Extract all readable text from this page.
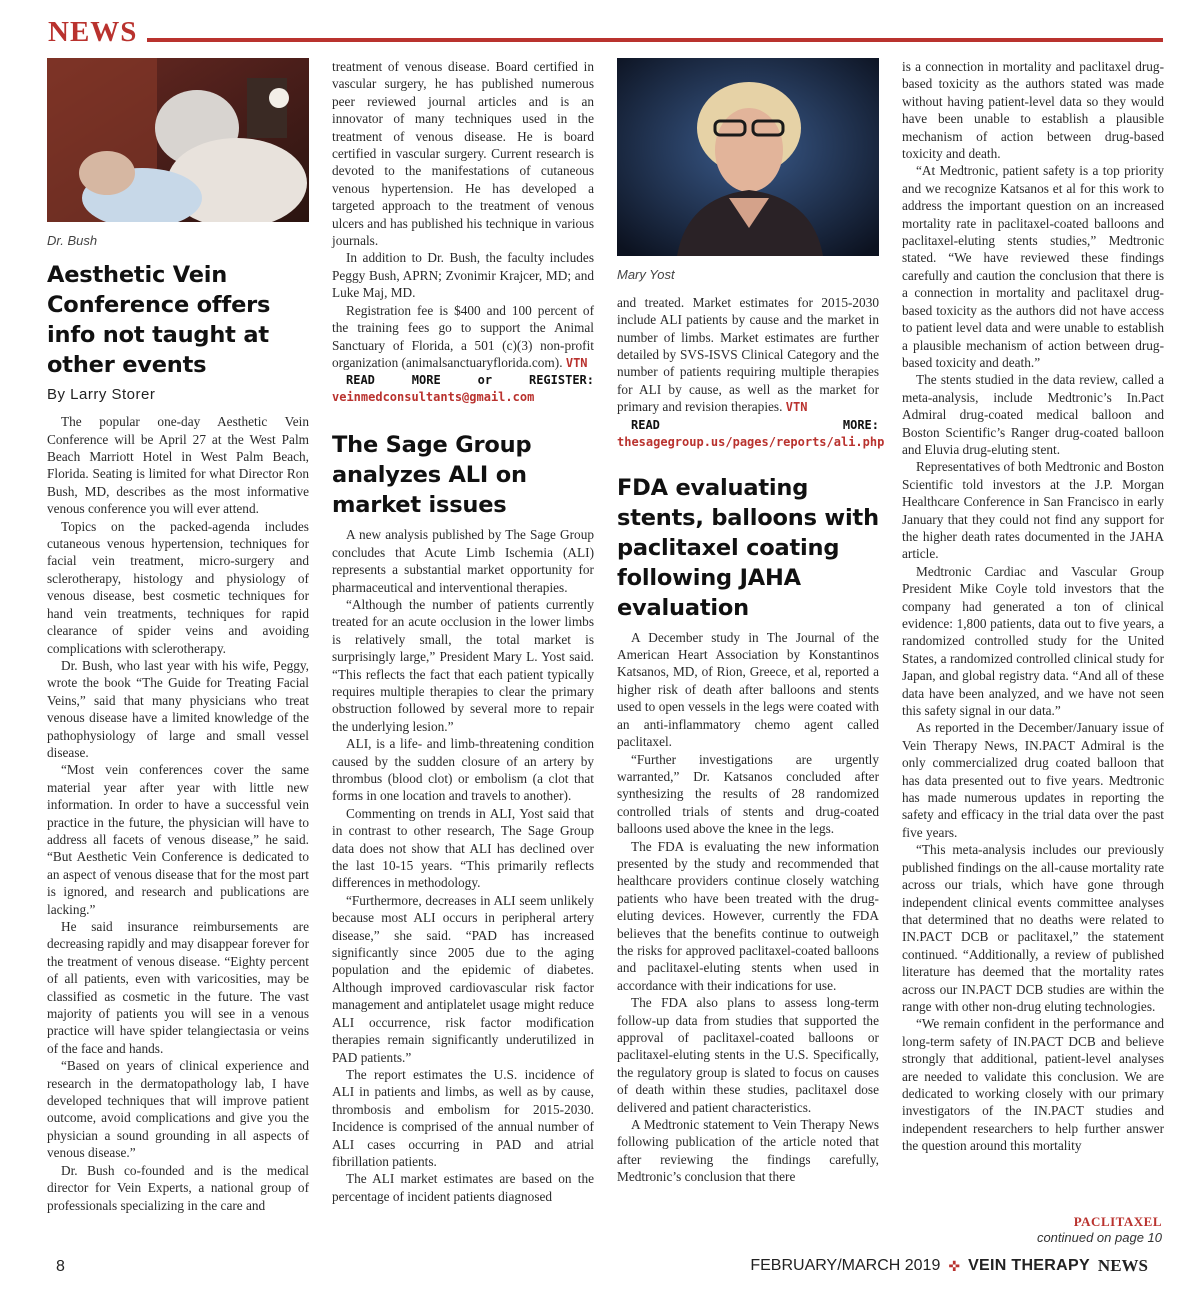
NEWS
Dr. Bush
Aesthetic Vein Conference offers info not taught at other events
By Larry Storer

The popular one-day Aesthetic Vein Conference will be April 27 at the West Palm Beach Marriott Hotel in West Palm Beach, Florida. Seating is limited for what Director Ron Bush, MD, describes as the most informative venous conference you will ever attend.

Topics on the packed-agenda includes cutaneous venous hypertension, techniques for facial vein treatment, micro-surgery and sclerotherapy, histology and physiology of venous disease, best cosmetic techniques for hand vein treatments, techniques for rapid clearance of spider veins and avoiding complications with sclerotherapy.

Dr. Bush, who last year with his wife, Peggy, wrote the book “The Guide for Treating Facial Veins,” said that many physicians who treat venous disease have a limited knowledge of the pathophysiology of large and small vessel disease.

“Most vein conferences cover the same material year after year with little new information. In order to have a successful vein practice in the future, the physician will have to address all facets of venous disease,” he said. “But Aesthetic Vein Conference is dedicated to an aspect of venous disease that for the most part is ignored, and research and publications are lacking.”

He said insurance reimbursements are decreasing rapidly and may disappear forever for the treatment of venous disease. “Eighty percent of all patients, even with varicosities, may be classified as cosmetic in the future. The vast majority of patients you will see in a venous practice will have spider telangiectasia or veins of the face and hands.

“Based on years of clinical experience and research in the dermatopathology lab, I have developed techniques that will improve patient outcome, avoid complications and give you the physician a sound grounding in all aspects of venous disease.”

Dr. Bush co-founded and is the medical director for Vein Experts, a national group of professionals specializing in the care and

treatment of venous disease. Board certified in vascular surgery, he has published numerous peer reviewed journal articles and is an innovator of many techniques used in the treatment of venous disease. He is board certified in vascular surgery. Current research is devoted to the manifestations of cutaneous venous hypertension. He has developed a targeted approach to the treatment of venous ulcers and has published his technique in various journals.

In addition to Dr. Bush, the faculty includes Peggy Bush, APRN; Zvonimir Krajcer, MD; and Luke Maj, MD.

Registration fee is $400 and 100 percent of the training fees go to support the Animal Sanctuary of Florida, a 501 (c)(3) non-profit organization (animalsanctuaryflorida.com). VTN

READ MORE or REGISTER: veinmedconsultants@gmail.com

The Sage Group analyzes ALI on market issues

A new analysis published by The Sage Group concludes that Acute Limb Ischemia (ALI) represents a substantial market opportunity for pharmaceutical and interventional therapies.

“Although the number of patients currently treated for an acute occlusion in the lower limbs is relatively small, the total market is surprisingly large,” President Mary L. Yost said. “This reflects the fact that each patient typically requires multiple therapies to clear the primary obstruction followed by several more to repair the underlying lesion.”

ALI, is a life- and limb-threatening condition caused by the sudden closure of an artery by thrombus (blood clot) or embolism (a clot that forms in one location and travels to another).

Commenting on trends in ALI, Yost said that in contrast to other research, The Sage Group data does not show that ALI has declined over the last 10-15 years. “This primarily reflects differences in methodology.

“Furthermore, decreases in ALI seem unlikely because most ALI occurs in peripheral artery disease,” she said. “PAD has increased significantly since 2005 due to the aging population and the epidemic of diabetes. Although improved cardiovascular risk factor management and antiplatelet usage might reduce ALI occurrence, risk factor modification therapies remain significantly underutilized in PAD patients.”

The report estimates the U.S. incidence of ALI in patients and limbs, as well as by cause, thrombosis and embolism for 2015-2030. Incidence is comprised of the annual number of ALI cases occurring in PAD and atrial fibrillation patients.

The ALI market estimates are based on the percentage of incident patients diagnosed

Mary Yost

and treated. Market estimates for 2015-2030 include ALI patients by cause and the market in number of limbs. Market estimates are further detailed by SVS-ISVS Clinical Category and the number of patients requiring multiple therapies for ALI by cause, as well as the market for primary and revision therapies. VTN

READ MORE: thesagegroup.us/pages/reports/ali.php

FDA evaluating stents, balloons with paclitaxel coating following JAHA evaluation

A December study in The Journal of the American Heart Association by Konstantinos Katsanos, MD, of Rion, Greece, et al, reported a higher risk of death after balloons and stents used to open vessels in the legs were coated with an anti-inflammatory chemo agent called paclitaxel.

“Further investigations are urgently warranted,” Dr. Katsanos concluded after synthesizing the results of 28 randomized controlled trials of stents and drug-coated balloons used above the knee in the legs.

The FDA is evaluating the new information presented by the study and recommended that healthcare providers continue closely watching patients who have been treated with the drug-eluting devices. However, currently the FDA believes that the benefits continue to outweigh the risks for approved paclitaxel-coated balloons and paclitaxel-eluting stents when used in accordance with their indications for use.

The FDA also plans to assess long-term follow-up data from studies that supported the approval of paclitaxel-coated balloons or paclitaxel-eluting stents in the U.S. Specifically, the regulatory group is slated to focus on causes of death within these studies, paclitaxel dose delivered and patient characteristics.

A Medtronic statement to Vein Therapy News following publication of the article noted that after reviewing the findings carefully, Medtronic’s conclusion that there

is a connection in mortality and paclitaxel drug-based toxicity as the authors stated was made without having patient-level data so they would have been unable to establish a plausible mechanism of action between drug-based toxicity and death.

“At Medtronic, patient safety is a top priority and we recognize Katsanos et al for this work to address the important question on an increased mortality rate in paclitaxel-coated balloons and paclitaxel-eluting stents studies,” Medtronic stated. “We have reviewed these findings carefully and caution the conclusion that there is a connection in mortality and paclitaxel drug-based toxicity as the authors did not have access to patient level data and were unable to establish a plausible mechanism of action between drug-based toxicity and death.”

The stents studied in the data review, called a meta-analysis, include Medtronic’s In.Pact Admiral drug-coated medical balloon and Boston Scientific’s Ranger drug-coated balloon and Eluvia drug-eluting stent.

Representatives of both Medtronic and Boston Scientific told investors at the J.P. Morgan Healthcare Conference in San Francisco in early January that they could not find any support for the higher death rates documented in the JAHA article.

Medtronic Cardiac and Vascular Group President Mike Coyle told investors that the company had generated a ton of clinical evidence: 1,800 patients, data out to five years, a randomized controlled study for the United States, a randomized controlled clinical study for Japan, and global registry data. “And all of these data have been analyzed, and we have not seen this safety signal in our data.”

As reported in the December/January issue of Vein Therapy News, IN.PACT Admiral is the only commercialized drug coated balloon that has data presented out to five years. Medtronic has made numerous updates in reporting the safety and efficacy in the trial data over the past five years.

“This meta-analysis includes our previously published findings on the all-cause mortality rate across our trials, which have gone through independent clinical events committee analyses that determined that no deaths were related to IN.PACT DCB or paclitaxel,” the statement continued. “Additionally, a review of published literature has deemed that the mortality rates across our IN.PACT DCB studies are within the range with other non-drug eluting technologies.

“We remain confident in the performance and long-term safety of IN.PACT DCB and believe strongly that additional, patient-level analyses are needed to validate this conclusion. We are dedicated to working closely with our primary investigators of the IN.PACT studies and independent researchers to help further answer the question around this mortality

PACLITAXEL
continued on page 10
8	FEBRUARY/MARCH 2019 ✜ VEIN THERAPY NEWS
